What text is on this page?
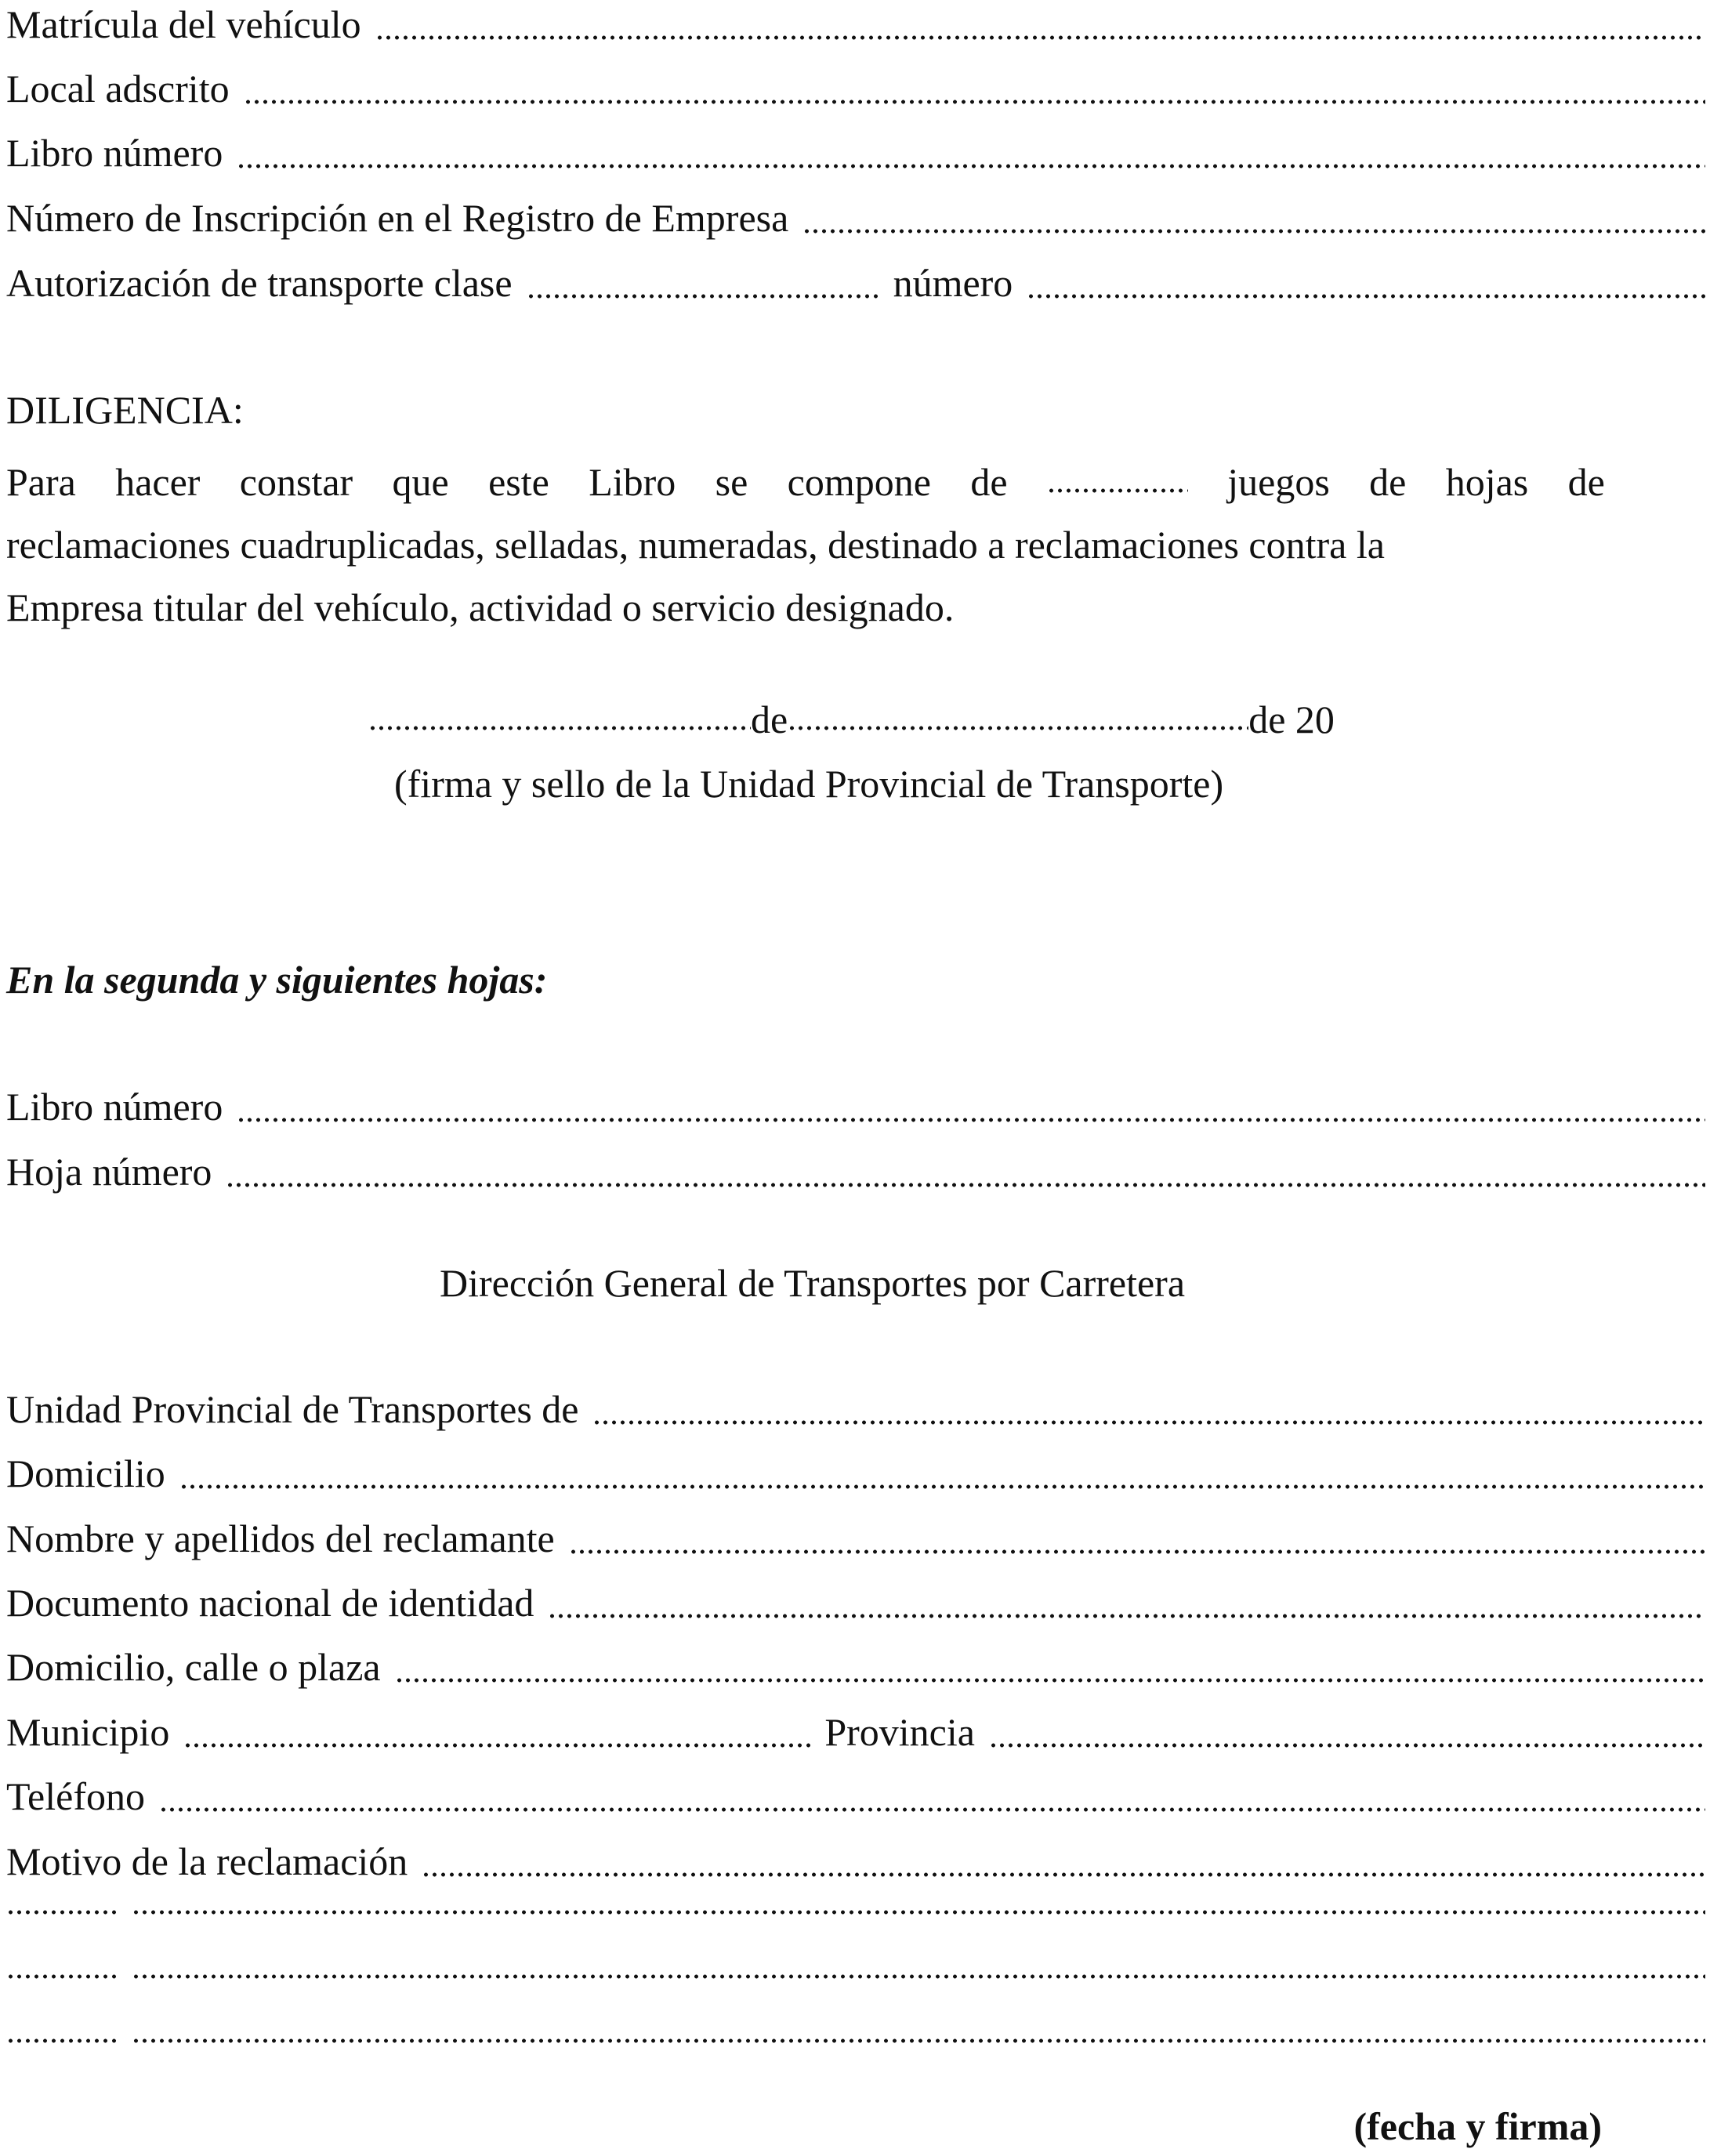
Matrícula del vehículo
Local adscrito
Libro número
Número de Inscripción en el Registro de Empresa
Autorización de transporte clase	número
DILIGENCIA:
Para hacer constar que este Libro se compone de	juegos de hojas de
reclamaciones cuadruplicadas, selladas, numeradas, destinado a reclamaciones contra la
Empresa titular del vehículo, actividad o servicio designado.
de	de 20
(firma y sello de la Unidad Provincial de Transporte)
En la segunda y siguientes hojas:
Libro número
Hoja número
Dirección General de Transportes por Carretera
Unidad Provincial de Transportes de
Domicilio
Nombre y apellidos del reclamante
Documento nacional de identidad
Domicilio, calle o plaza
Municipio	Provincia
Teléfono
Motivo de la reclamación
(fecha y firma)
